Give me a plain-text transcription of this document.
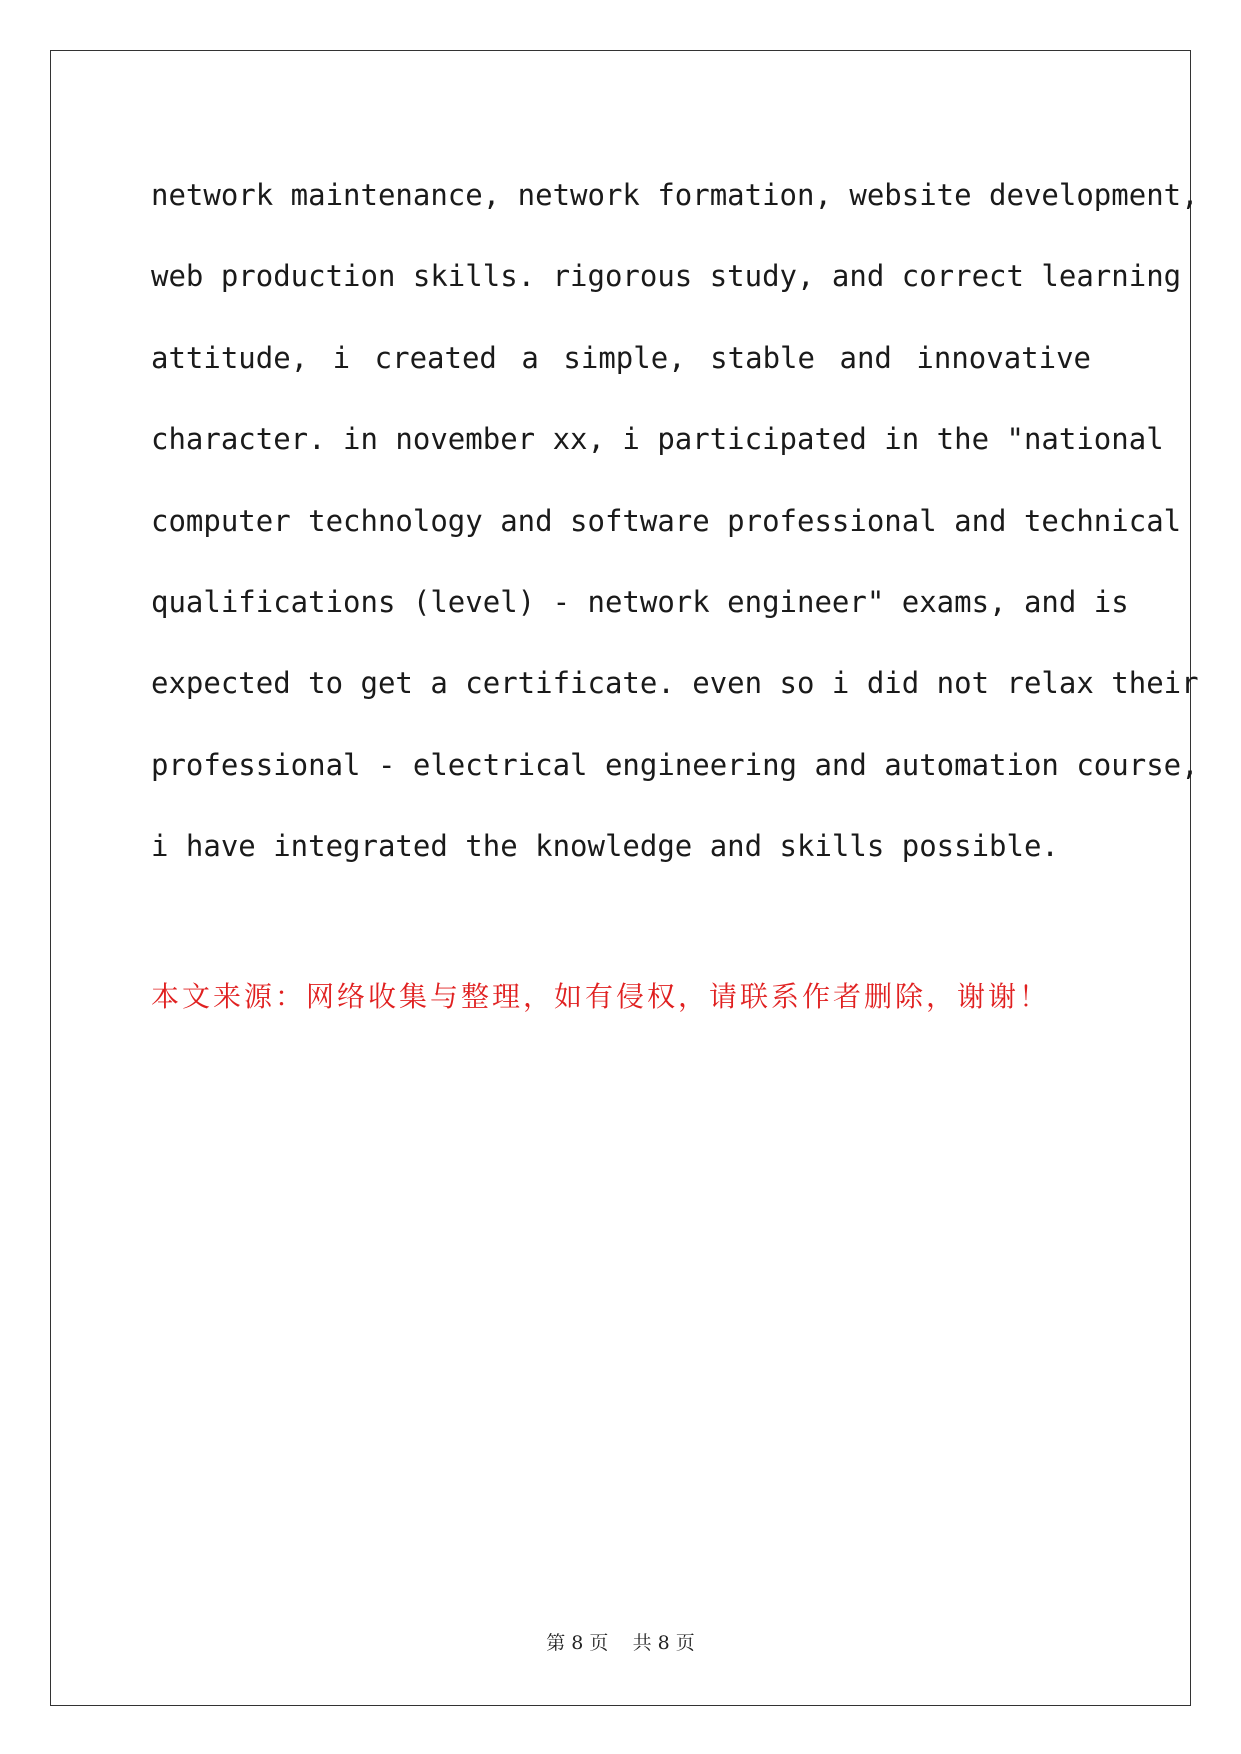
network maintenance, network formation, website development,
web production skills. rigorous study, and correct learning
attitude, i created a simple, stable and innovative
character. in november xx, i participated in the "national
computer technology and software professional and technical
qualifications (level) - network engineer" exams, and is
expected to get a certificate. even so i did not relax their
professional - electrical engineering and automation course,
i have integrated the knowledge and skills possible.

本文来源：网络收集与整理，如有侵权，请联系作者删除，谢谢！

第 8 页    共 8 页
